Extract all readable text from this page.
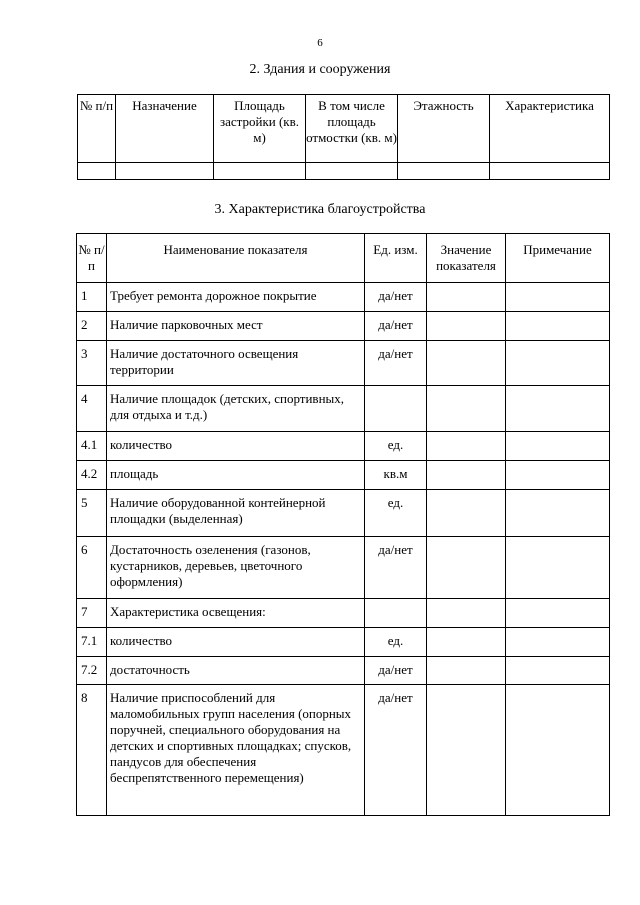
6
2. Здания и сооружения
№ п/п	Назначение	Площадь застройки (кв. м)	В том числе площадь отмостки (кв. м)	Этажность	Характеристика

3. Характеристика благоустройства
№ п/п	Наименование показателя	Ед. изм.	Значение показателя	Примечание
1	Требует ремонта дорожное покрытие	да/нет		
2	Наличие парковочных мест	да/нет		
3	Наличие достаточного освещения территории	да/нет		
4	Наличие площадок (детских, спортивных, для отдыха и т.д.)			
4.1	количество	ед.		
4.2	площадь	кв.м		
5	Наличие оборудованной контейнерной площадки (выделенная)	ед.		
6	Достаточность озеленения (газонов, кустарников, деревьев, цветочного оформления)	да/нет		
7	Характеристика освещения:			
7.1	количество	ед.		
7.2	достаточность	да/нет		
8	Наличие приспособлений для маломобильных групп населения (опорных поручней, специального оборудования на детских и спортивных площадках; спусков, пандусов для обеспечения беспрепятственного перемещения)	да/нет		
